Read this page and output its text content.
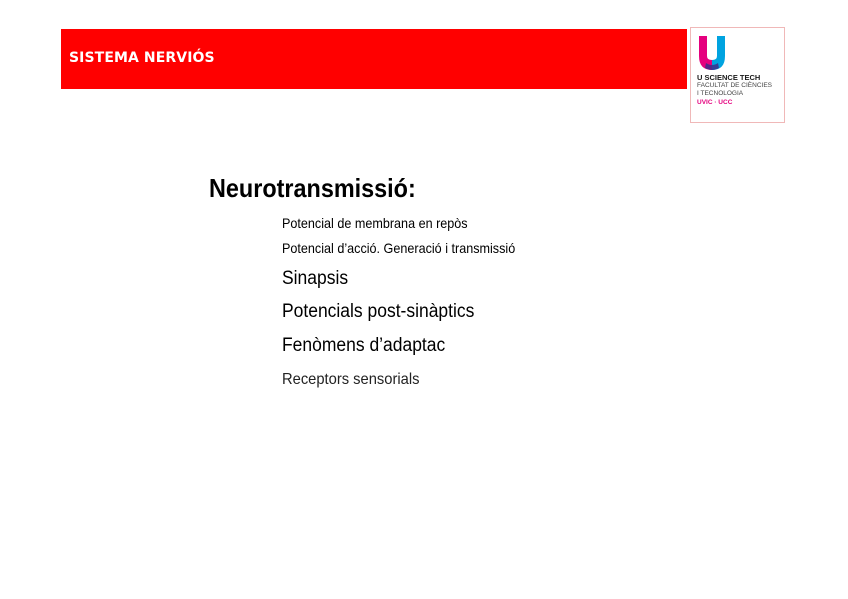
SISTEMA NERVIÓS
U SCIENCE TECH
FACULTAT DE CIÈNCIES
I TECNOLOGIA
UVIC · UCC
Neurotransmissió:
Potencial de membrana en repòs
Potencial d’acció. Generació i transmissió
Sinapsis
Potencials post-sinàptics
Fenòmens d’adaptac
Receptors sensorials
